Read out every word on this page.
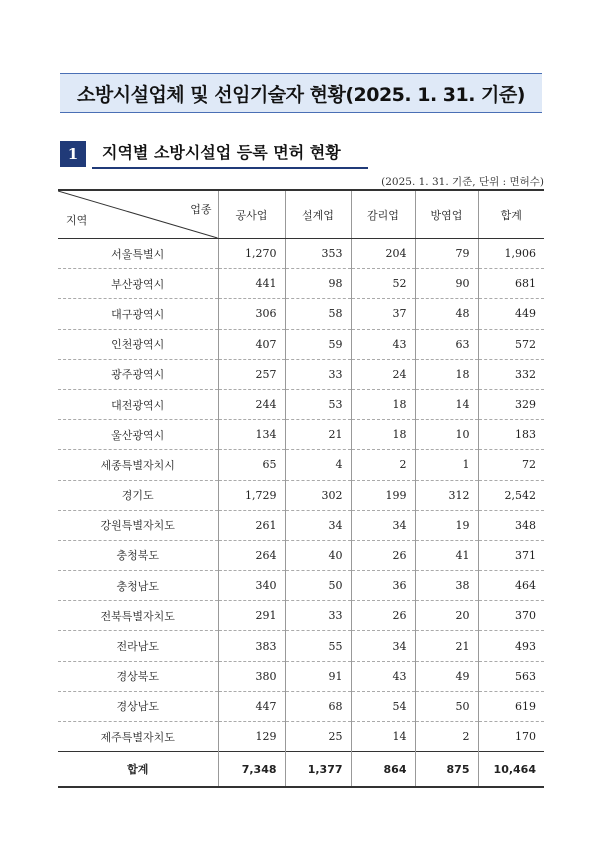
소방시설업체 및 선임기술자 현황(2025. 1. 31. 기준)
1	지역별 소방시설업 등록 면허 현황
(2025. 1. 31. 기준, 단위 : 면허수)
업종
지역	공사업	설계업	감리업	방염업	합계
서울특별시	1,270	353	204	79	1,906
부산광역시	441	98	52	90	681
대구광역시	306	58	37	48	449
인천광역시	407	59	43	63	572
광주광역시	257	33	24	18	332
대전광역시	244	53	18	14	329
울산광역시	134	21	18	10	183
세종특별자치시	65	4	2	1	72
경기도	1,729	302	199	312	2,542
강원특별자치도	261	34	34	19	348
충청북도	264	40	26	41	371
충청남도	340	50	36	38	464
전북특별자치도	291	33	26	20	370
전라남도	383	55	34	21	493
경상북도	380	91	43	49	563
경상남도	447	68	54	50	619
제주특별자치도	129	25	14	2	170
합계	7,348	1,377	864	875	10,464
